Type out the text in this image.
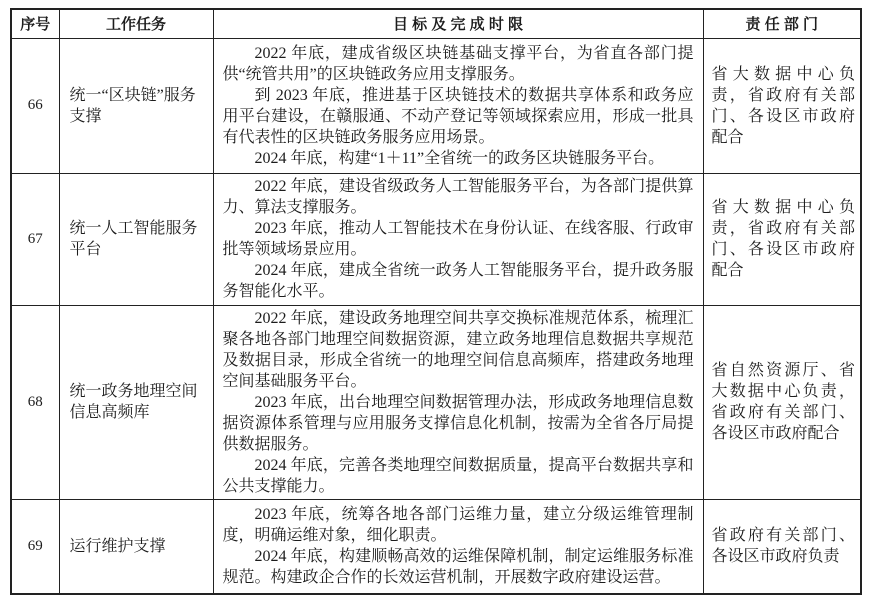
序号	工作任务	目 标 及 完 成 时 限	责 任 部 门
66	统一“区块链”服务支撑	2022 年底，建成省级区块链基础支撑平台，为省直各部门提供“统管共用”的区块链政务应用支撑服务。

到 2023 年底，推进基于区块链技术的数据共享体系和政务应用平台建设，在赣服通、不动产登记等领域探索应用，形成一批具有代表性的区块链政务服务应用场景。

2024 年底，构建“1＋11”全省统一的政务区块链服务平台。	省大数据中心负责，省政府有关部门、各设区市政府配合
67	统一人工智能服务平台	2022 年底，建设省级政务人工智能服务平台，为各部门提供算力、算法支撑服务。

2023 年底，推动人工智能技术在身份认证、在线客服、行政审批等领域场景应用。

2024 年底，建成全省统一政务人工智能服务平台，提升政务服务智能化水平。	省大数据中心负责，省政府有关部门、各设区市政府配合
68	统一政务地理空间信息高频库	2022 年底，建设政务地理空间共享交换标准规范体系，梳理汇聚各地各部门地理空间数据资源，建立政务地理信息数据共享规范及数据目录，形成全省统一的地理空间信息高频库，搭建政务地理空间基础服务平台。

2023 年底，出台地理空间数据管理办法，形成政务地理信息数据资源体系管理与应用服务支撑信息化机制，按需为全省各厅局提供数据服务。

2024 年底，完善各类地理空间数据质量，提高平台数据共享和公共支撑能力。	省自然资源厅、省大数据中心负责，省政府有关部门、各设区市政府配合
69	运行维护支撑	2023 年底，统筹各地各部门运维力量，建立分级运维管理制度，明确运维对象，细化职责。

2024 年底，构建顺畅高效的运维保障机制，制定运维服务标准规范。构建政企合作的长效运营机制，开展数字政府建设运营。	省政府有关部门、各设区市政府负责
